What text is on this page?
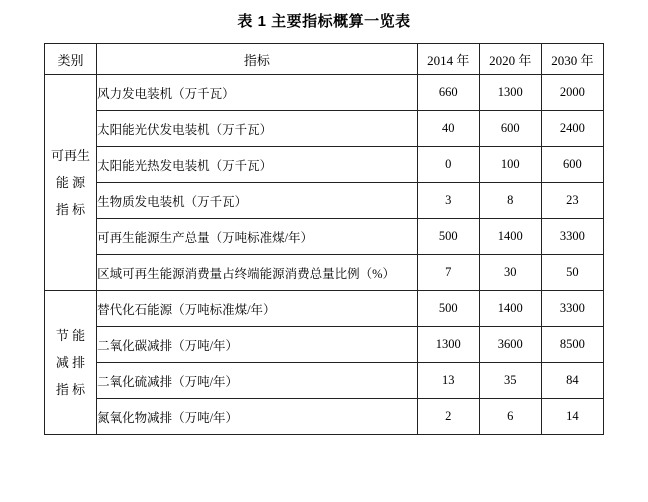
表 1 主要指标概算一览表
类别	指标	2014 年	2020 年	2030 年

可再生
能 源
指 标	风力发电装机（万千瓦）	660	1300	2000
	太阳能光伏发电装机（万千瓦）	40	600	2400
	太阳能光热发电装机（万千瓦）	0	100	600
	生物质发电装机（万千瓦）	3	8	23
	可再生能源生产总量（万吨标准煤/年）	500	1400	3300
	区域可再生能源消费量占终端能源消费总量比例（%）	7	30	50

节 能
减 排
指 标	替代化石能源（万吨标准煤/年）	500	1400	3300
	二氧化碳减排（万吨/年）	1300	3600	8500
	二氧化硫减排（万吨/年）	13	35	84
	氮氧化物减排（万吨/年）	2	6	14
